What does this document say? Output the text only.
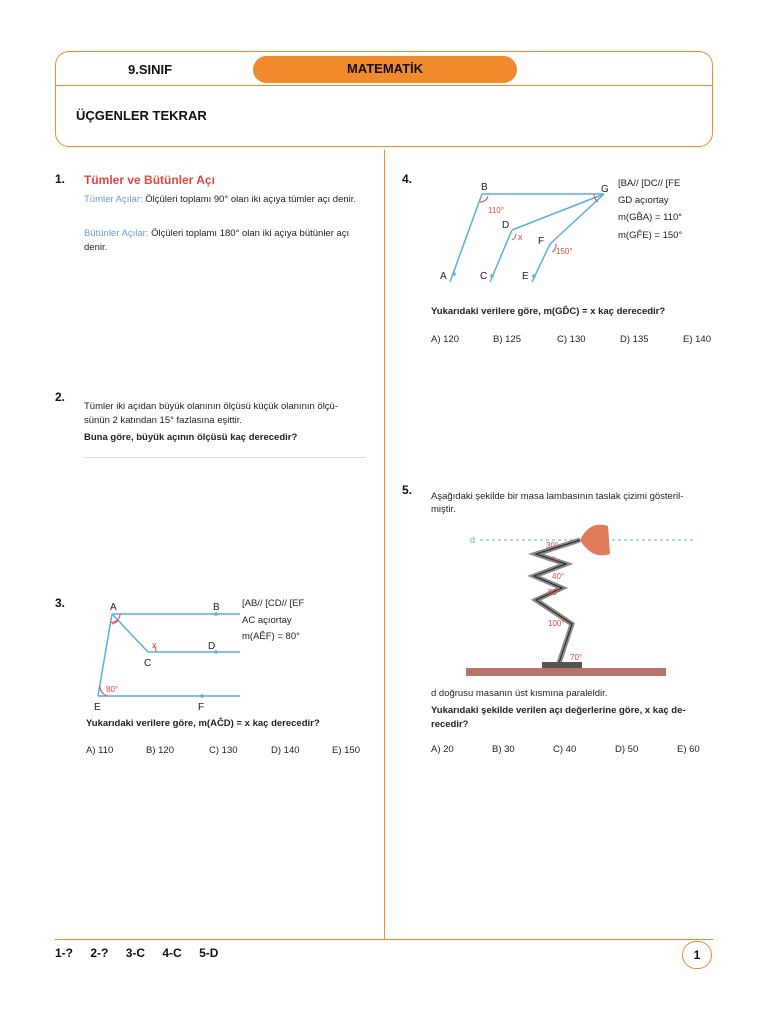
9.SINIF	MATEMATİK
ÜÇGENLER TEKRAR
1. Tümler ve Bütünler Açı
Tümler Açılar: Ölçüleri toplamı 90° olan iki açıya tümler açı denir.
Bütünler Açılar: Ölçüleri toplamı 180° olan iki açıya bütünler açı denir.
2.
Tümler iki açıdan büyük olanının ölçüsü küçük olanının ölçü-
sünün 2 katından 15° fazlasına eşittir.
Buna göre, büyük açının ölçüsü kaç derecedir?
3.	A	B
C
D
E	F
x
80°
[AB// [CD// [EF
AC açıortay
m(AÊF) = 80°
Yukarıdaki verilere göre, m(AĈD) = x kaç derecedir?
A) 110	B) 120	C) 130	D) 140	E) 150
4.
B	G
D
F
A	C	E
x
110°
150°
[BA// [DC// [FE
GD açıortay
m(GB̂A) = 110°
m(GF̂E) = 150°
Yukarıdaki verilere göre, m(GD̂C) = x kaç derecedir?
A) 120	B) 125	C) 130	D) 135	E) 140
5. Aşağıdaki şekilde bir masa lambasının taslak çizimi gösteril-
miştir.
d
30°
x
40°
50°
100°
70°
d doğrusu masanın üst kısmına paraleldir.
Yukarıdaki şekilde verilen açı değerlerine göre, x kaç de-
recedir?
A) 20	B) 30	C) 40	D) 50	E) 60
1-? 2-? 3-C 4-C 5-D	1
